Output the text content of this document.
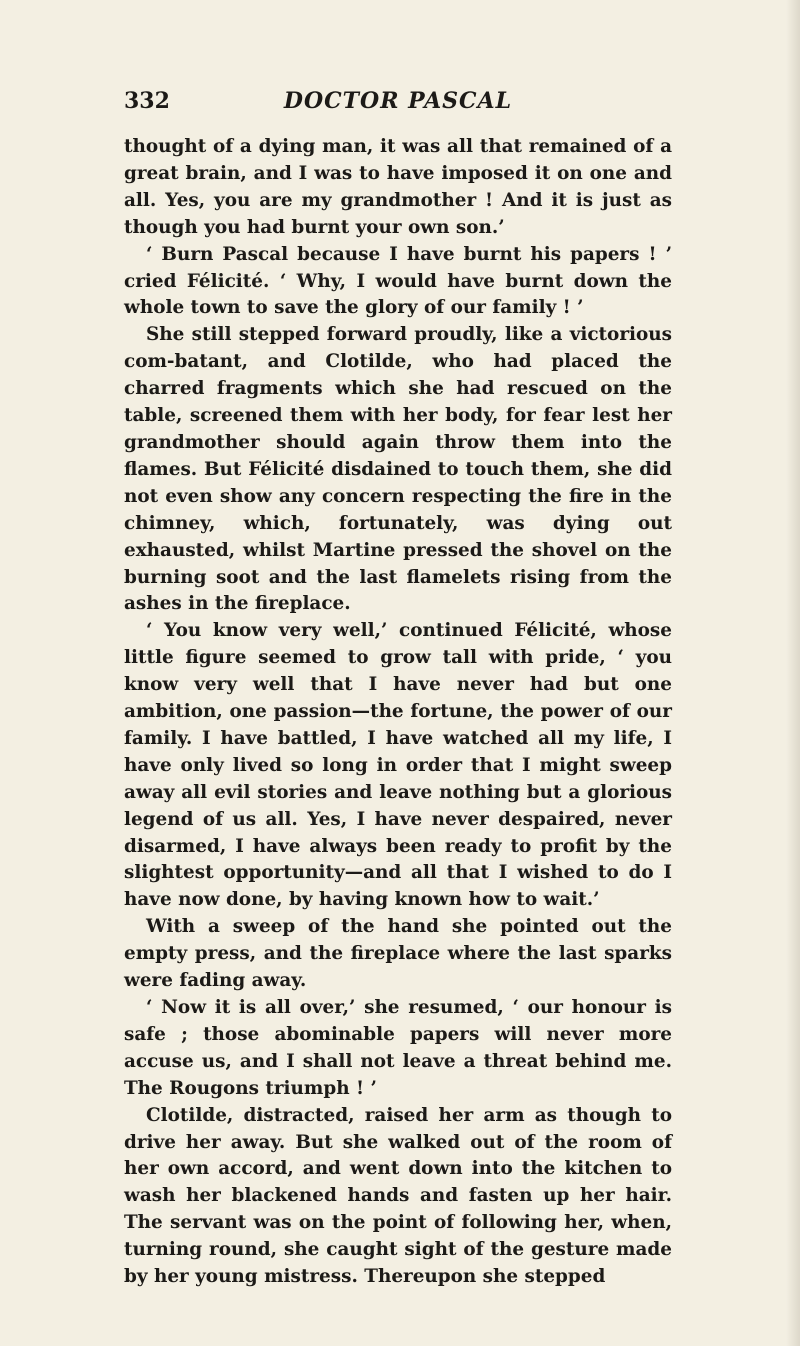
332	DOCTOR PASCAL

thought of a dying man, it was all that remained of a great brain, and I was to have imposed it on one and all. Yes, you are my grandmother ! And it is just as though you had burnt your own son.’

‘ Burn Pascal because I have burnt his papers ! ’ cried Félicité. ‘ Why, I would have burnt down the whole town to save the glory of our family ! ’

She still stepped forward proudly, like a victorious com-batant, and Clotilde, who had placed the charred fragments which she had rescued on the table, screened them with her body, for fear lest her grandmother should again throw them into the flames. But Félicité disdained to touch them, she did not even show any concern respecting the fire in the chimney, which, fortunately, was dying out exhausted, whilst Martine pressed the shovel on the burning soot and the last flamelets rising from the ashes in the fireplace.

‘ You know very well,’ continued Félicité, whose little figure seemed to grow tall with pride, ‘ you know very well that I have never had but one ambition, one passion—the fortune, the power of our family. I have battled, I have watched all my life, I have only lived so long in order that I might sweep away all evil stories and leave nothing but a glorious legend of us all. Yes, I have never despaired, never disarmed, I have always been ready to profit by the slightest opportunity—and all that I wished to do I have now done, by having known how to wait.’

With a sweep of the hand she pointed out the empty press, and the fireplace where the last sparks were fading away.

‘ Now it is all over,’ she resumed, ‘ our honour is safe ; those abominable papers will never more accuse us, and I shall not leave a threat behind me. The Rougons triumph ! ’

Clotilde, distracted, raised her arm as though to drive her away. But she walked out of the room of her own accord, and went down into the kitchen to wash her blackened hands and fasten up her hair. The servant was on the point of following her, when, turning round, she caught sight of the gesture made by her young mistress. Thereupon she stepped
